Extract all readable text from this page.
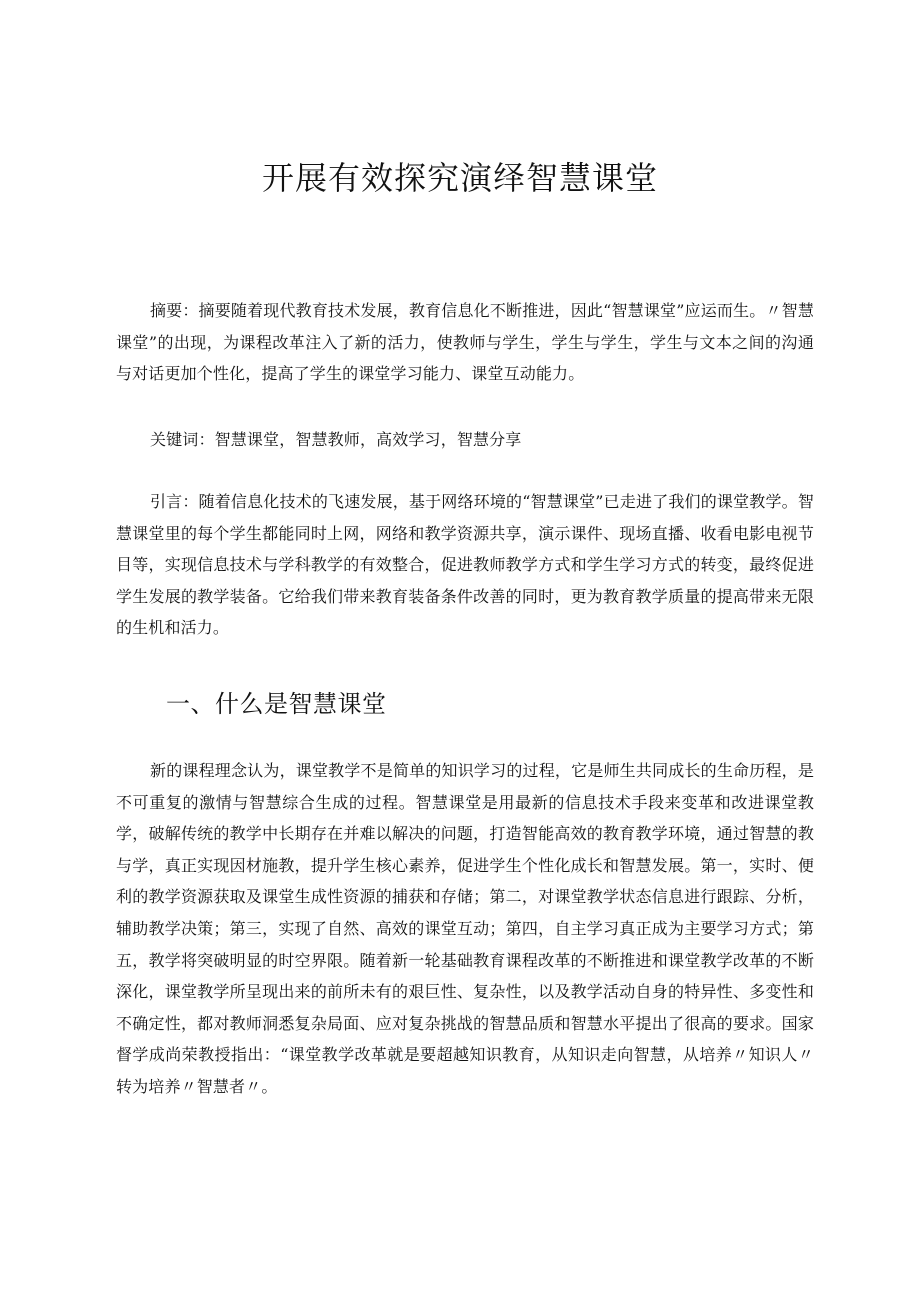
开展有效探究演绎智慧课堂

摘要：摘要随着现代教育技术发展，教育信息化不断推进，因此“智慧课堂”应运而生。〃智慧课堂”的出现，为课程改革注入了新的活力，使教师与学生，学生与学生，学生与文本之间的沟通与对话更加个性化，提高了学生的课堂学习能力、课堂互动能力。

关键词：智慧课堂，智慧教师，高效学习，智慧分享

引言：随着信息化技术的飞速发展，基于网络环境的“智慧课堂”已走进了我们的课堂教学。智慧课堂里的每个学生都能同时上网，网络和教学资源共享，演示课件、现场直播、收看电影电视节目等，实现信息技术与学科教学的有效整合，促进教师教学方式和学生学习方式的转变，最终促进学生发展的教学装备。它给我们带来教育装备条件改善的同时，更为教育教学质量的提高带来无限的生机和活力。

一、什么是智慧课堂

新的课程理念认为，课堂教学不是简单的知识学习的过程，它是师生共同成长的生命历程，是不可重复的激情与智慧综合生成的过程。智慧课堂是用最新的信息技术手段来变革和改进课堂教学，破解传统的教学中长期存在并难以解决的问题，打造智能高效的教育教学环境，通过智慧的教与学，真正实现因材施教，提升学生核心素养，促进学生个性化成长和智慧发展。第一，实时、便利的教学资源获取及课堂生成性资源的捕获和存储；第二，对课堂教学状态信息进行跟踪、分析，辅助教学决策；第三，实现了自然、高效的课堂互动；第四，自主学习真正成为主要学习方式；第五，教学将突破明显的时空界限。随着新一轮基础教育课程改革的不断推进和课堂教学改革的不断深化，课堂教学所呈现出来的前所未有的艰巨性、复杂性，以及教学活动自身的特异性、多变性和不确定性，都对教师洞悉复杂局面、应对复杂挑战的智慧品质和智慧水平提出了很高的要求。国家督学成尚荣教授指出：“课堂教学改革就是要超越知识教育，从知识走向智慧，从培养〃知识人〃转为培养〃智慧者〃。
